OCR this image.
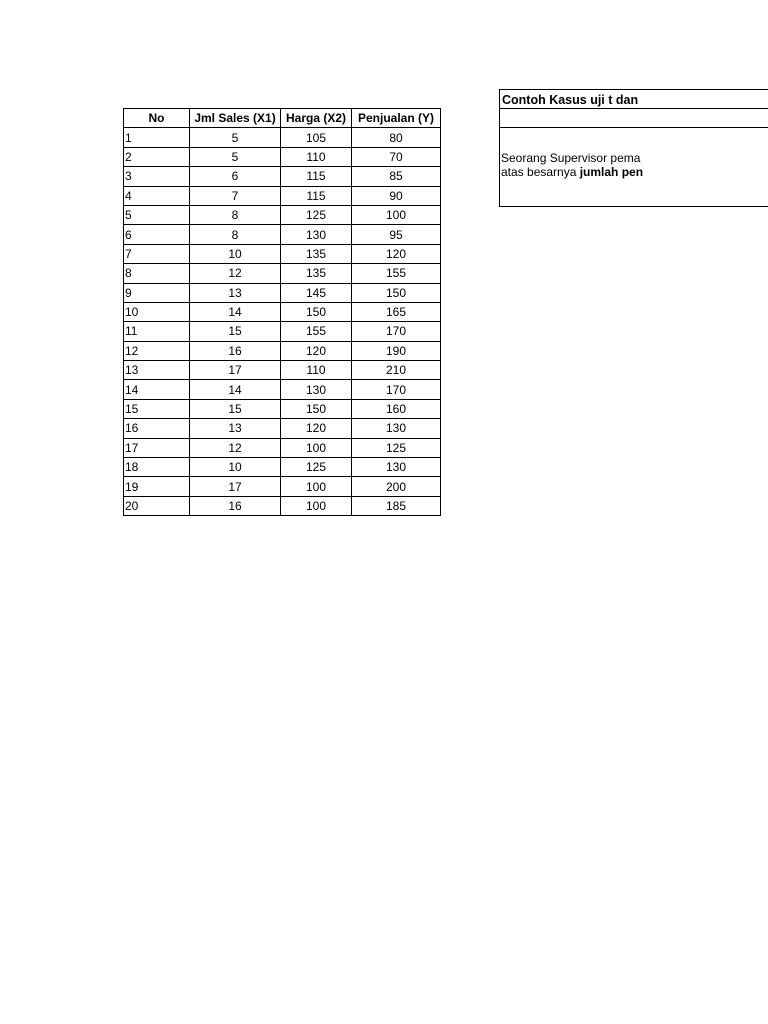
No	Jml Sales (X1)	Harga (X2)	Penjualan (Y)
1	5	105	80
2	5	110	70
3	6	115	85
4	7	115	90
5	8	125	100
6	8	130	95
7	10	135	120
8	12	135	155
9	13	145	150
10	14	150	165
11	15	155	170
12	16	120	190
13	17	110	210
14	14	130	170
15	15	150	160
16	13	120	130
17	12	100	125
18	10	125	130
19	17	100	200
20	16	100	185
Contoh Kasus uji t dan
Seorang Supervisor pema
atas besarnya jumlah pen
